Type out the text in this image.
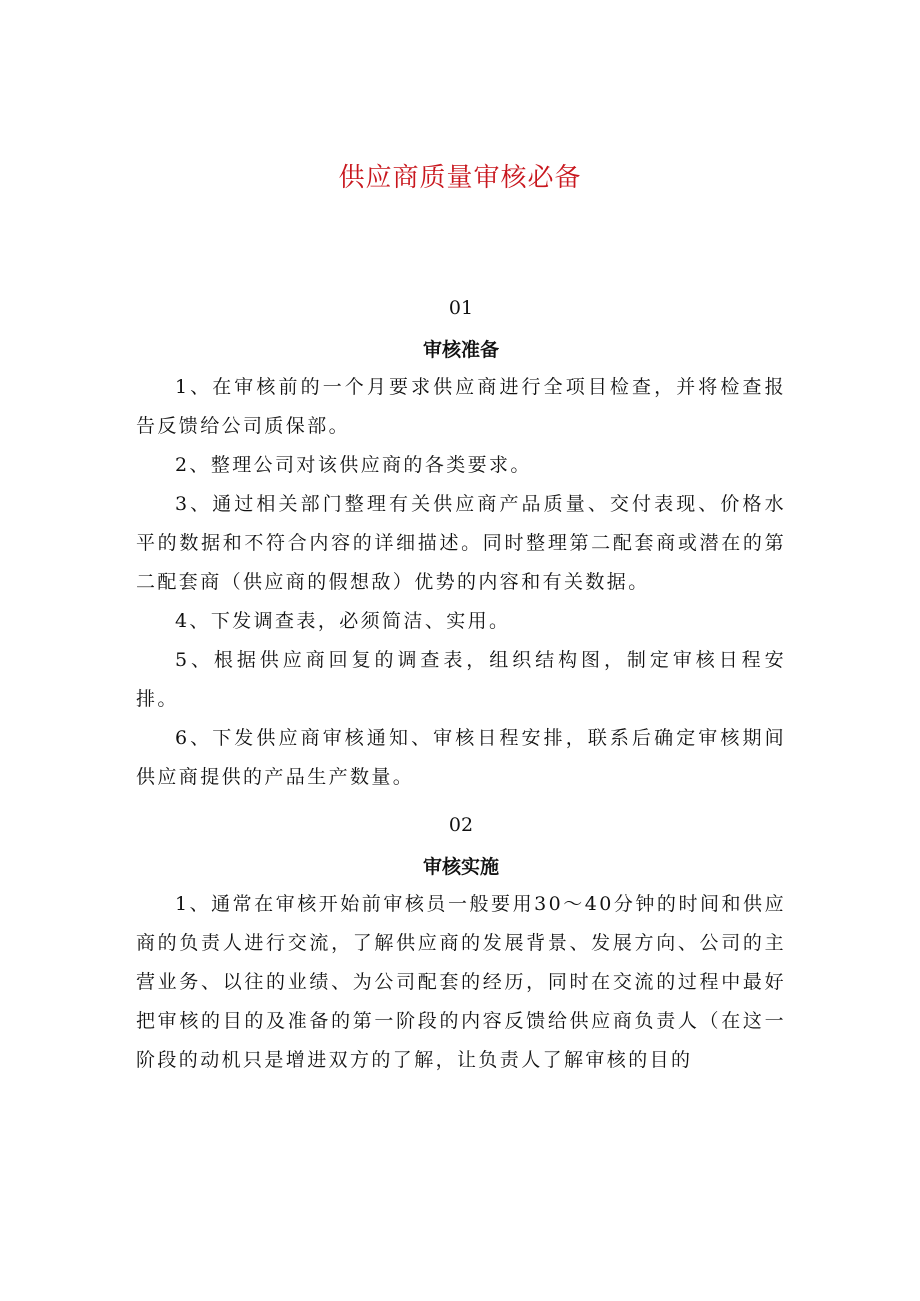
供应商质量审核必备
01
审核准备

1、在审核前的一个月要求供应商进行全项目检查，并将检查报告反馈给公司质保部。

2、整理公司对该供应商的各类要求。

3、通过相关部门整理有关供应商产品质量、交付表现、价格水平的数据和不符合内容的详细描述。同时整理第二配套商或潜在的第二配套商（供应商的假想敌）优势的内容和有关数据。

4、下发调查表，必须简洁、实用。

5、根据供应商回复的调查表，组织结构图，制定审核日程安排。

6、下发供应商审核通知、审核日程安排，联系后确定审核期间供应商提供的产品生产数量。

02
审核实施

1、通常在审核开始前审核员一般要用30～40分钟的时间和供应商的负责人进行交流，了解供应商的发展背景、发展方向、公司的主营业务、以往的业绩、为公司配套的经历，同时在交流的过程中最好把审核的目的及准备的第一阶段的内容反馈给供应商负责人（在这一阶段的动机只是增进双方的了解，让负责人了解审核的目的
